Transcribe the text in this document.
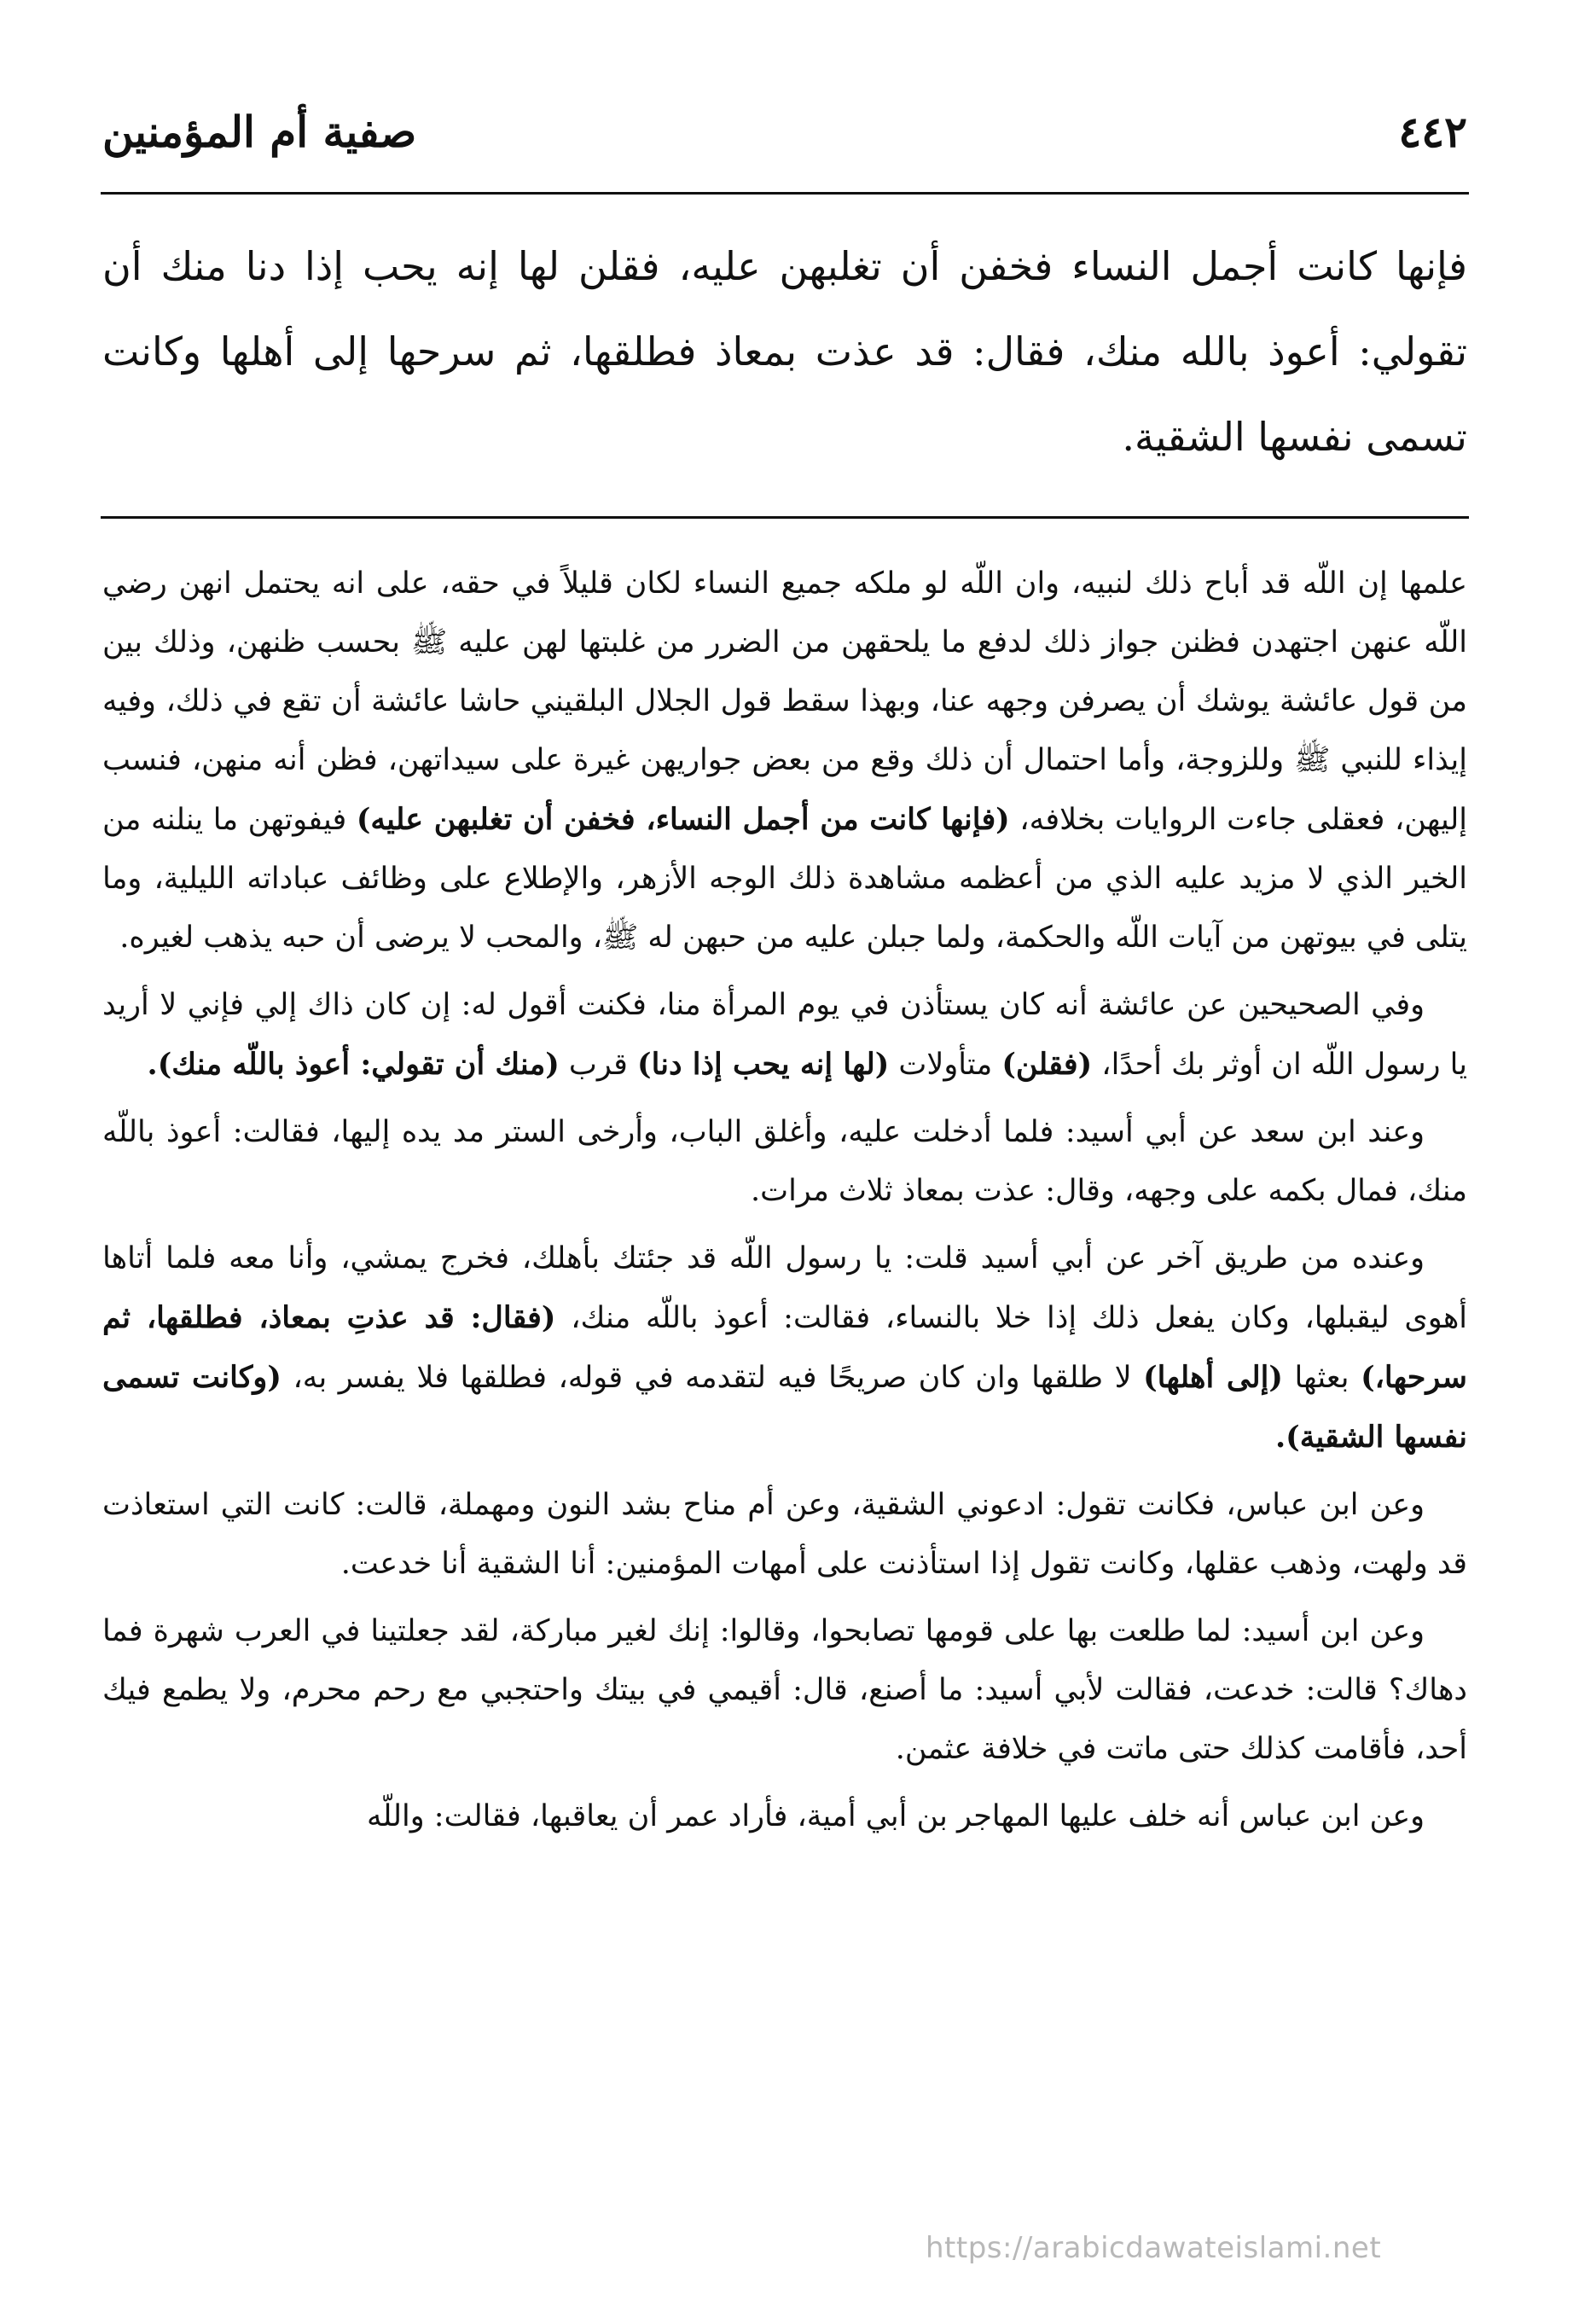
٤٤٢
صفية أم المؤمنين
فإنها كانت أجمل النساء فخفن أن تغلبهن عليه، فقلن لها إنه يحب إذا دنا منك أن تقولي: أعوذ بالله منك، فقال: قد عذت بمعاذ فطلقها، ثم سرحها إلى أهلها وكانت تسمى نفسها الشقية.

علمها إن اللّه قد أباح ذلك لنبيه، وان اللّه لو ملكه جميع النساء لكان قليلاً في حقه، على انه يحتمل انهن رضي اللّه عنهن اجتهدن فظنن جواز ذلك لدفع ما يلحقهن من الضرر من غلبتها لهن عليه ﷺ بحسب ظنهن، وذلك بين من قول عائشة يوشك أن يصرفن وجهه عنا، وبهذا سقط قول الجلال البلقيني حاشا عائشة أن تقع في ذلك، وفيه إيذاء للنبي ﷺ وللزوجة، وأما احتمال أن ذلك وقع من بعض جواريهن غيرة على سيداتهن، فظن أنه منهن، فنسب إليهن، فعقلى جاءت الروايات بخلافه، (فإنها كانت من أجمل النساء، فخفن أن تغلبهن عليه) فيفوتهن ما ينلنه من الخير الذي لا مزيد عليه الذي من أعظمه مشاهدة ذلك الوجه الأزهر، والإطلاع على وظائف عباداته الليلية، وما يتلى في بيوتهن من آيات اللّه والحكمة، ولما جبلن عليه من حبهن له ﷺ، والمحب لا يرضى أن حبه يذهب لغيره.

وفي الصحيحين عن عائشة أنه كان يستأذن في يوم المرأة منا، فكنت أقول له: إن كان ذاك إلي فإني لا أريد يا رسول اللّه ان أوثر بك أحدًا، (فقلن) متأولات (لها إنه يحب إذا دنا) قرب (منك أن تقولي: أعوذ باللّه منك).

وعند ابن سعد عن أبي أسيد: فلما أدخلت عليه، وأغلق الباب، وأرخى الستر مد يده إليها، فقالت: أعوذ باللّه منك، فمال بكمه على وجهه، وقال: عذت بمعاذ ثلاث مرات.

وعنده من طريق آخر عن أبي أسيد قلت: يا رسول اللّه قد جئتك بأهلك، فخرج يمشي، وأنا معه فلما أتاها أهوى ليقبلها، وكان يفعل ذلك إذا خلا بالنساء، فقالت: أعوذ باللّه منك، (فقال: قد عذتِ بمعاذ، فطلقها، ثم سرحها،) بعثها (إلى أهلها) لا طلقها وان كان صريحًا فيه لتقدمه في قوله، فطلقها فلا يفسر به، (وكانت تسمى نفسها الشقية).

وعن ابن عباس، فكانت تقول: ادعوني الشقية، وعن أم مناح بشد النون ومهملة، قالت: كانت التي استعاذت قد ولهت، وذهب عقلها، وكانت تقول إذا استأذنت على أمهات المؤمنين: أنا الشقية أنا خدعت.

وعن ابن أسيد: لما طلعت بها على قومها تصابحوا، وقالوا: إنك لغير مباركة، لقد جعلتينا في العرب شهرة فما دهاك؟ قالت: خدعت، فقالت لأبي أسيد: ما أصنع، قال: أقيمي في بيتك واحتجبي مع رحم محرم، ولا يطمع فيك أحد، فأقامت كذلك حتى ماتت في خلافة عثمن.

وعن ابن عباس أنه خلف عليها المهاجر بن أبي أمية، فأراد عمر أن يعاقبها، فقالت: واللّه

https://arabicdawateislami.net
